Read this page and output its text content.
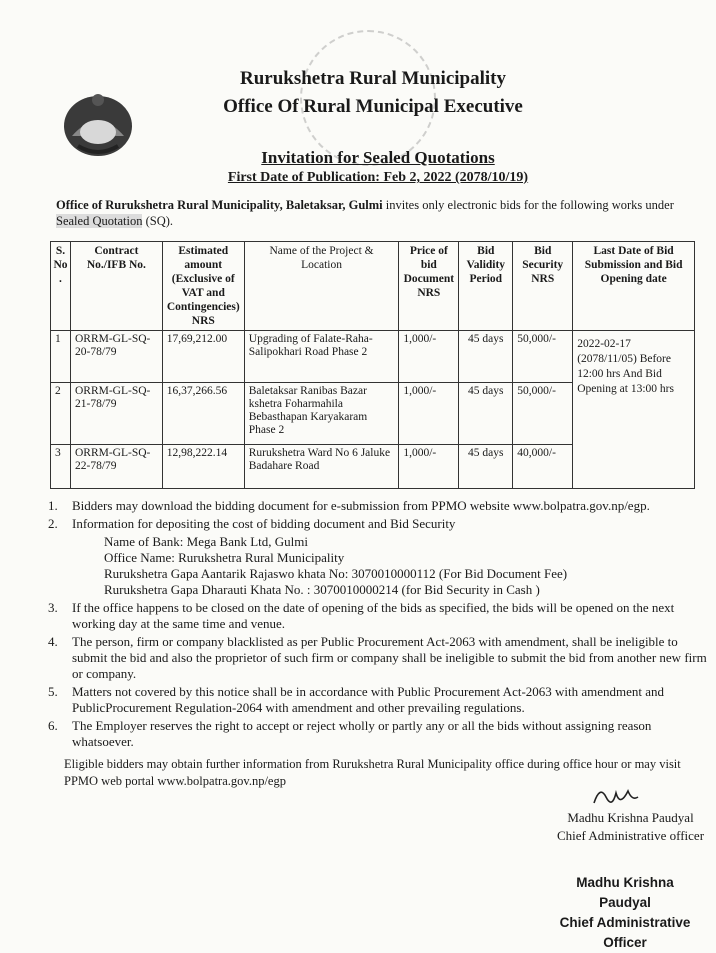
Rurukshetra Rural Municipality
Office Of Rural Municipal Executive
Invitation for Sealed Quotations
First Date of Publication: Feb 2, 2022 (2078/10/19)
Office of Rurukshetra Rural Municipality, Baletaksar, Gulmi invites only electronic bids for the following works under Sealed Quotation (SQ).
S. No .	Contract No./IFB No.	Estimated amount (Exclusive of VAT and Contingencies) NRS	Name of the Project & Location	Price of bid Document NRS	Bid Validity Period	Bid Security NRS	Last Date of Bid Submission and Bid Opening date
1	ORRM-GL-SQ-20-78/79	17,69,212.00	Upgrading of Falate-Raha-Salipokhari Road Phase 2	1,000/-	45 days	50,000/-	2022-02-17 (2078/11/05) Before 12:00 hrs And Bid Opening at 13:00 hrs
2	ORRM-GL-SQ-21-78/79	16,37,266.56	Baletaksar Ranibas Bazar kshetra Foharmahila Bebasthapan Karyakaram Phase 2	1,000/-	45 days	50,000/-	
3	ORRM-GL-SQ-22-78/79	12,98,222.14	Rurukshetra Ward No 6 Jaluke Badahare Road	1,000/-	45 days	40,000/-	
1. Bidders may download the bidding document for e-submission from PPMO website www.bolpatra.gov.np/egp.
2. Information for depositing the cost of bidding document and Bid Security
Name of Bank: Mega Bank Ltd, Gulmi
Office Name: Rurukshetra Rural Municipality
Rurukshetra Gapa Aantarik Rajaswo khata No: 3070010000112 (For Bid Document Fee)
Rurukshetra Gapa Dharauti Khata No. : 3070010000214 (for Bid Security in Cash )
3. If the office happens to be closed on the date of opening of the bids as specified, the bids will be opened on the next working day at the same time and venue.
4. The person, firm or company blacklisted as per Public Procurement Act-2063 with amendment, shall be ineligible to submit the bid and also the proprietor of such firm or company shall be ineligible to submit the bid from another new firm or company.
5. Matters not covered by this notice shall be in accordance with Public Procurement Act-2063 with amendment and PublicProcurement Regulation-2064 with amendment and other prevailing regulations.
6. The Employer reserves the right to accept or reject wholly or partly any or all the bids without assigning reason whatsoever.
Eligible bidders may obtain further information from Rurukshetra Rural Municipality office during office hour or may visit PPMO web portal www.bolpatra.gov.np/egp
Madhu Krishna Paudyal
Chief Administrative officer
Madhu Krishna Paudyal
Chief Administrative Officer
